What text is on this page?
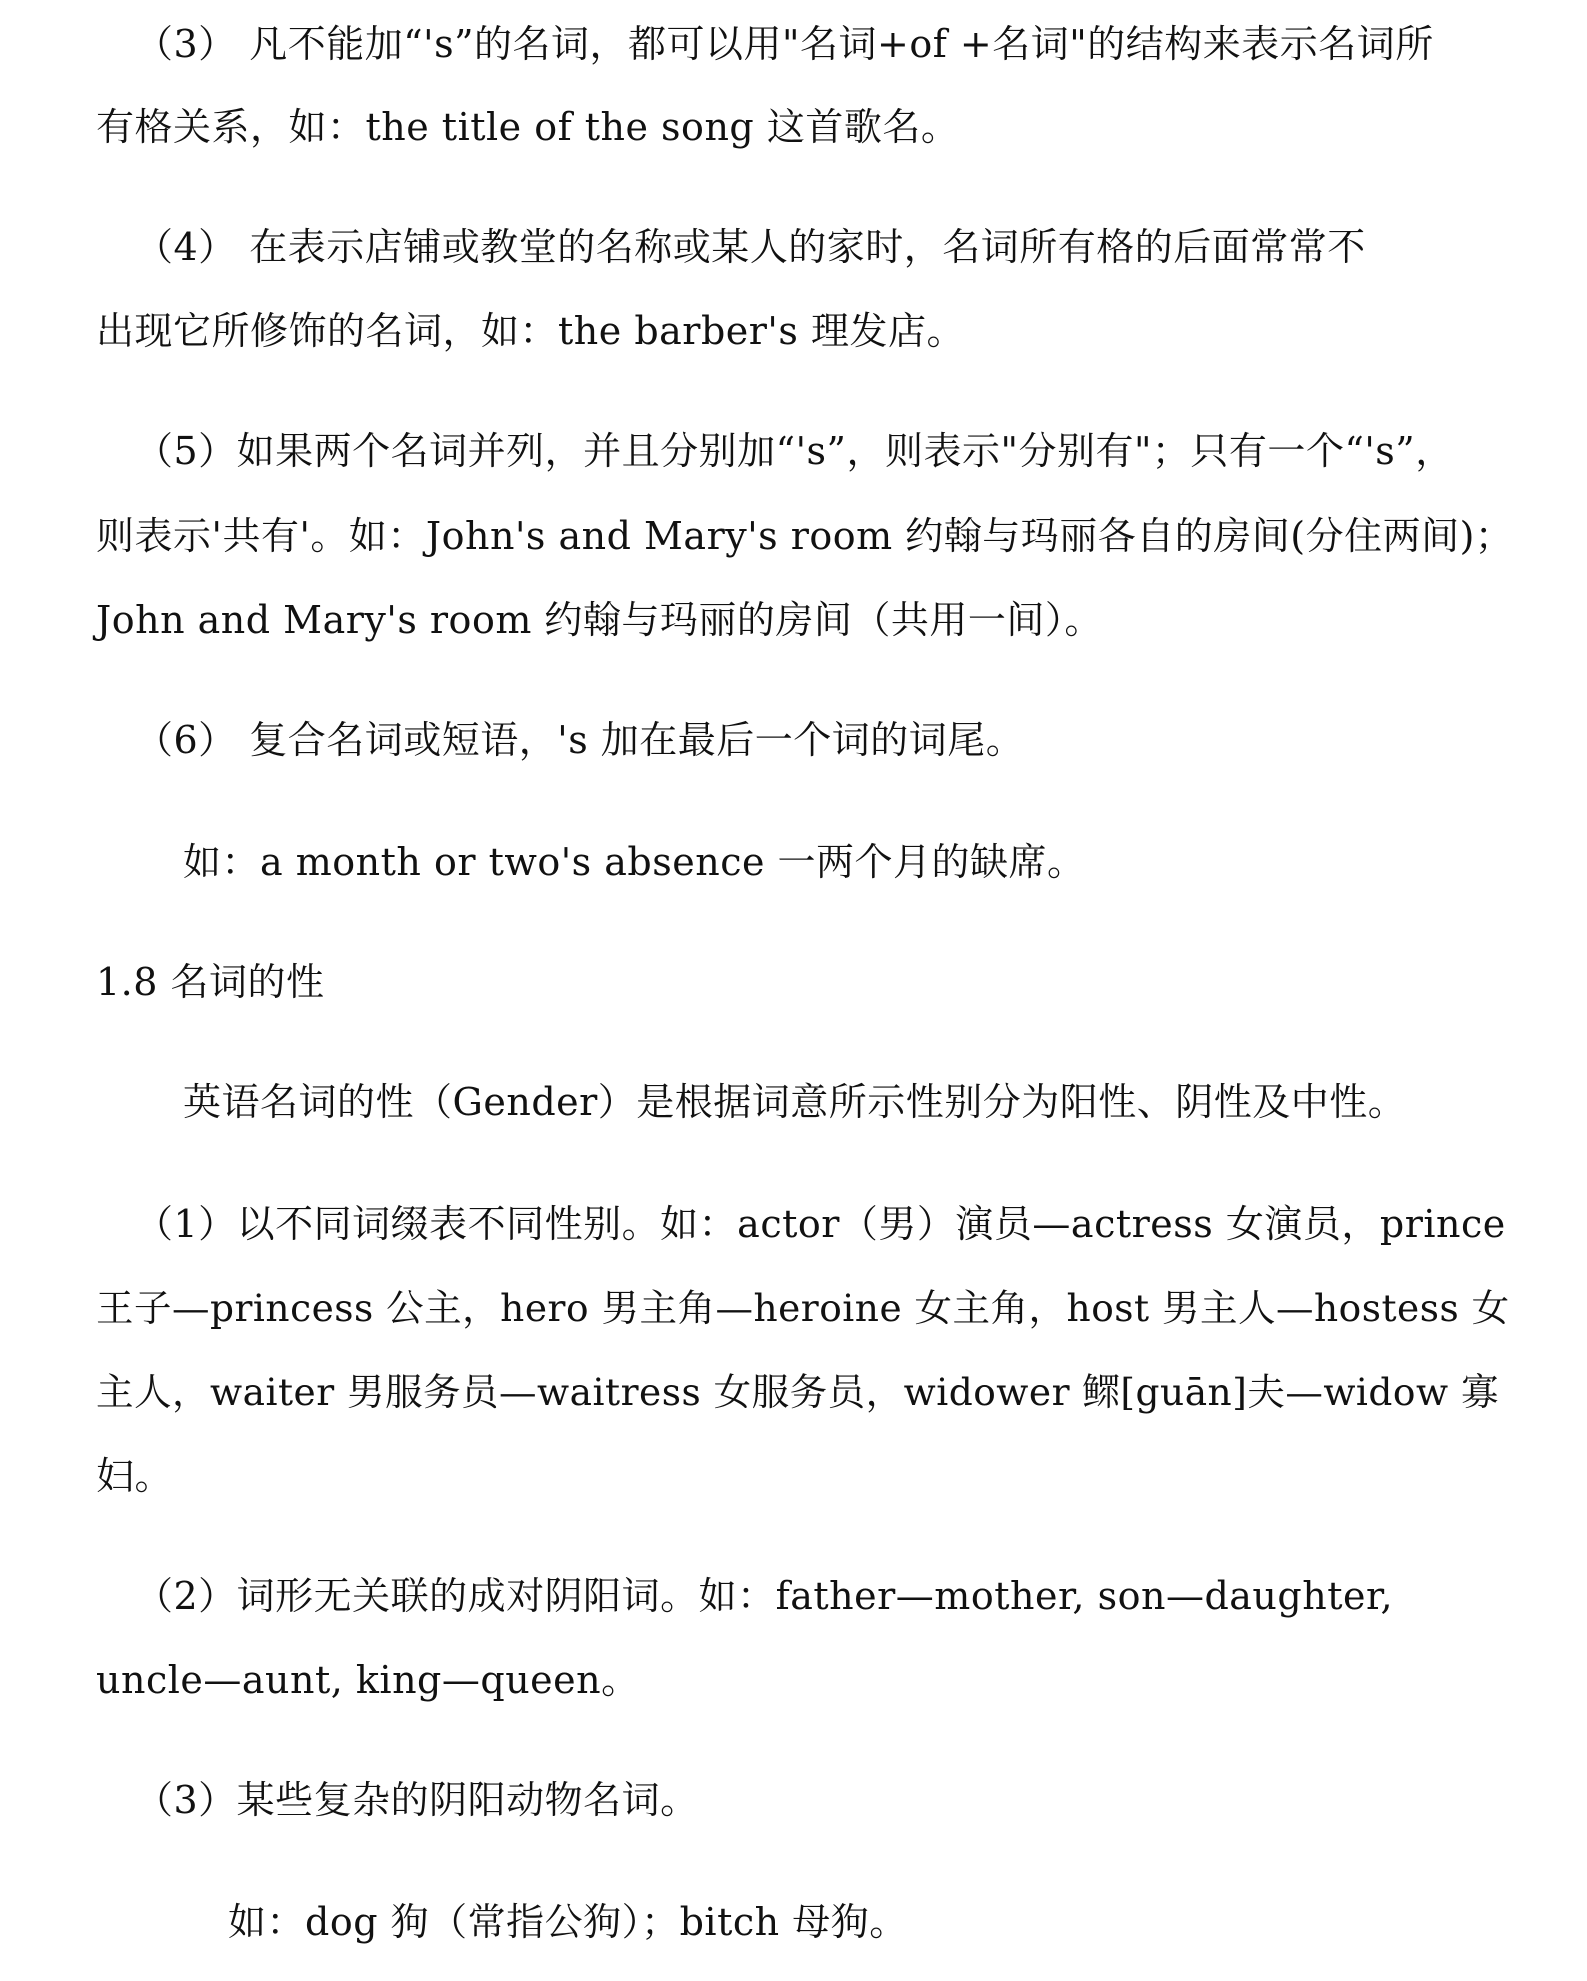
（3） 凡不能加“'s”的名词，都可以用"名词+of +名词"的结构来表示名词所
有格关系，如：the title of the song 这首歌名。
（4） 在表示店铺或教堂的名称或某人的家时，名词所有格的后面常常不
出现它所修饰的名词，如：the barber's 理发店。
（5）如果两个名词并列，并且分别加“'s”，则表示"分别有"；只有一个“'s”，
则表示'共有'。如：John's and Mary's room 约翰与玛丽各自的房间(分住两间)；
John and Mary's room 约翰与玛丽的房间（共用一间）。
（6） 复合名词或短语，'s 加在最后一个词的词尾。
如：a month or two's absence 一两个月的缺席。
1.8 名词的性
英语名词的性（Gender）是根据词意所示性别分为阳性、阴性及中性。
（1）以不同词缀表不同性别。如：actor（男）演员—actress 女演员，prince
王子—princess 公主，hero 男主角—heroine 女主角，host 男主人—hostess 女
主人，waiter 男服务员—waitress 女服务员，widower 鳏[guān]夫—widow 寡
妇。
（2）词形无关联的成对阴阳词。如：father—mother, son—daughter,
uncle—aunt, king—queen。
（3）某些复杂的阴阳动物名词。
如：dog 狗（常指公狗）；bitch 母狗。
